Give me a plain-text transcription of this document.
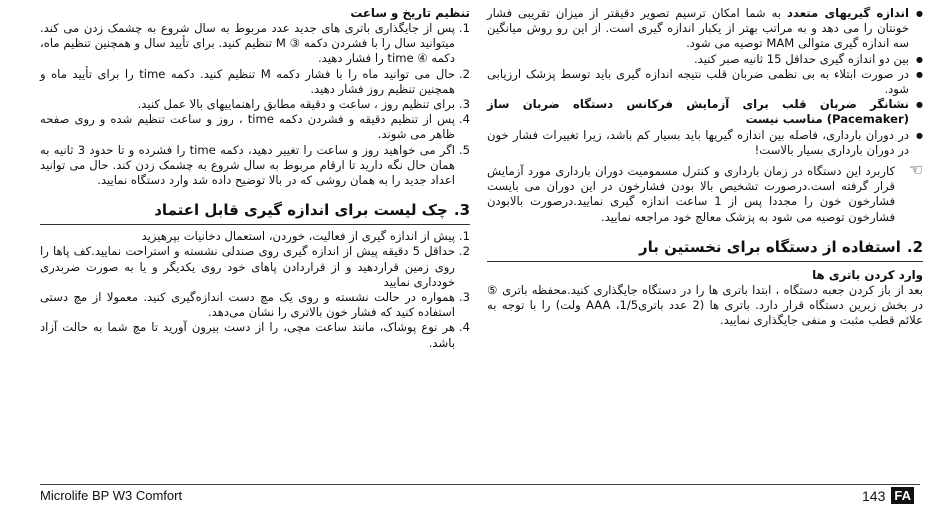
● اندازه گیریهای متعدد به شما امکان ترسیم تصویر دقیقتر از میزان تقریبی فشار خونتان را می دهد و به مراتب بهتر از یکبار اندازه گیری است. از این رو روش میانگین سه اندازه گیری متوالی MAM توصیه می شود.
● بین دو اندازه گیری حداقل 15 ثانیه صبر کنید.
● در صورت ابتلاء به بی نظمی ضربان قلب نتیجه اندازه گیری باید توسط پزشک ارزیابی شود.
● نشانگر ضربان قلب برای آزمایش فرکانس دستگاه ضربان ساز (Pacemaker) مناسب نیست
● در دوران بارداری، فاصله بین اندازه گیریها باید بسیار کم باشد، زیرا تغییرات فشار خون در دوران بارداری بسیار بالاست!
☜
کاربرد این دستگاه در زمان بارداری و کنترل مسمومیت دوران بارداری مورد آزمایش قرار گرفته است.درصورت تشخیص بالا بودن فشارخون در این دوران می بایست فشارخون خون را مجددا پس از 1 ساعت اندازه گیری نمایید.درصورت بالابودن فشارخون توصیه می شود به پزشک معالج خود مراجعه نمایید.
2.استفاده از دستگاه برای نخستین بار
وارد کردن باتری ها

بعد از باز کردن جعبه دستگاه ، ابتدا باتری ها را در دستگاه جایگذاری کنید.محفظه باتری ⑤ در بخش زیرین دستگاه قرار دارد. باتری ها (2 عدد باتریAAA ،1/5 ولت) را با توجه به علائم قطب مثبت و منفی جایگذاری نمایید.

تنظیم تاریخ و ساعت
1.
پس از جایگذاری باتری های جدید عدد مربوط به سال شروع به چشمک زدن می کند. میتوانید سال را با فشردن دکمه ③ M تنظیم کنید. برای تأیید سال و همچنین تنظیم ماه، دکمه ④ time را فشار دهید.
2.
حال می توانید ماه را با فشار دکمه M تنظیم کنید. دکمه time را برای تأیید ماه و همچنین تنظیم روز فشار دهید.
3.
برای تنظیم روز ، ساعت و دقیقه مطابق راهنماییهای بالا عمل کنید.
4.
پس از تنظیم دقیقه و فشردن دکمه time ، روز و ساعت تنظیم شده و روی صفحه ظاهر می شوند.
5.
اگر می خواهید روز و ساعت را تغییر دهید، دکمه time را فشرده و تا حدود 3 ثانیه به همان حال نگه دارید تا ارقام مربوط به سال شروع به چشمک زدن کند. حال می توانید اعداد جدید را به همان روشی که در بالا توضیح داده شد وارد دستگاه نمایید.
3.چک لیست برای اندازه گیری قابل اعتماد
1.
پیش از اندازه گیری از فعالیت، خوردن، استعمال دخانیات بپرهیزید
2.
حداقل 5 دقیقه پیش از اندازه گیری روی صندلی نشسته و استراحت نمایید.کف پاها را روی زمین قراردهید و از قراردادن پاهای خود روی یکدیگر و یا به صورت ضربدری خودداری نمایید
3.
همواره در حالت نشسته و روی یک مچ دست اندازه‌گیری کنید. معمولا از مچ دستی استفاده کنید که فشار خون بالاتری را نشان می‌دهد.
4.
هر نوع پوشاک، مانند ساعت مچی، را از دست بیرون آورید تا مچ شما به حالت آزاد باشد.
Microlife BP W3 Comfort	143 FA
